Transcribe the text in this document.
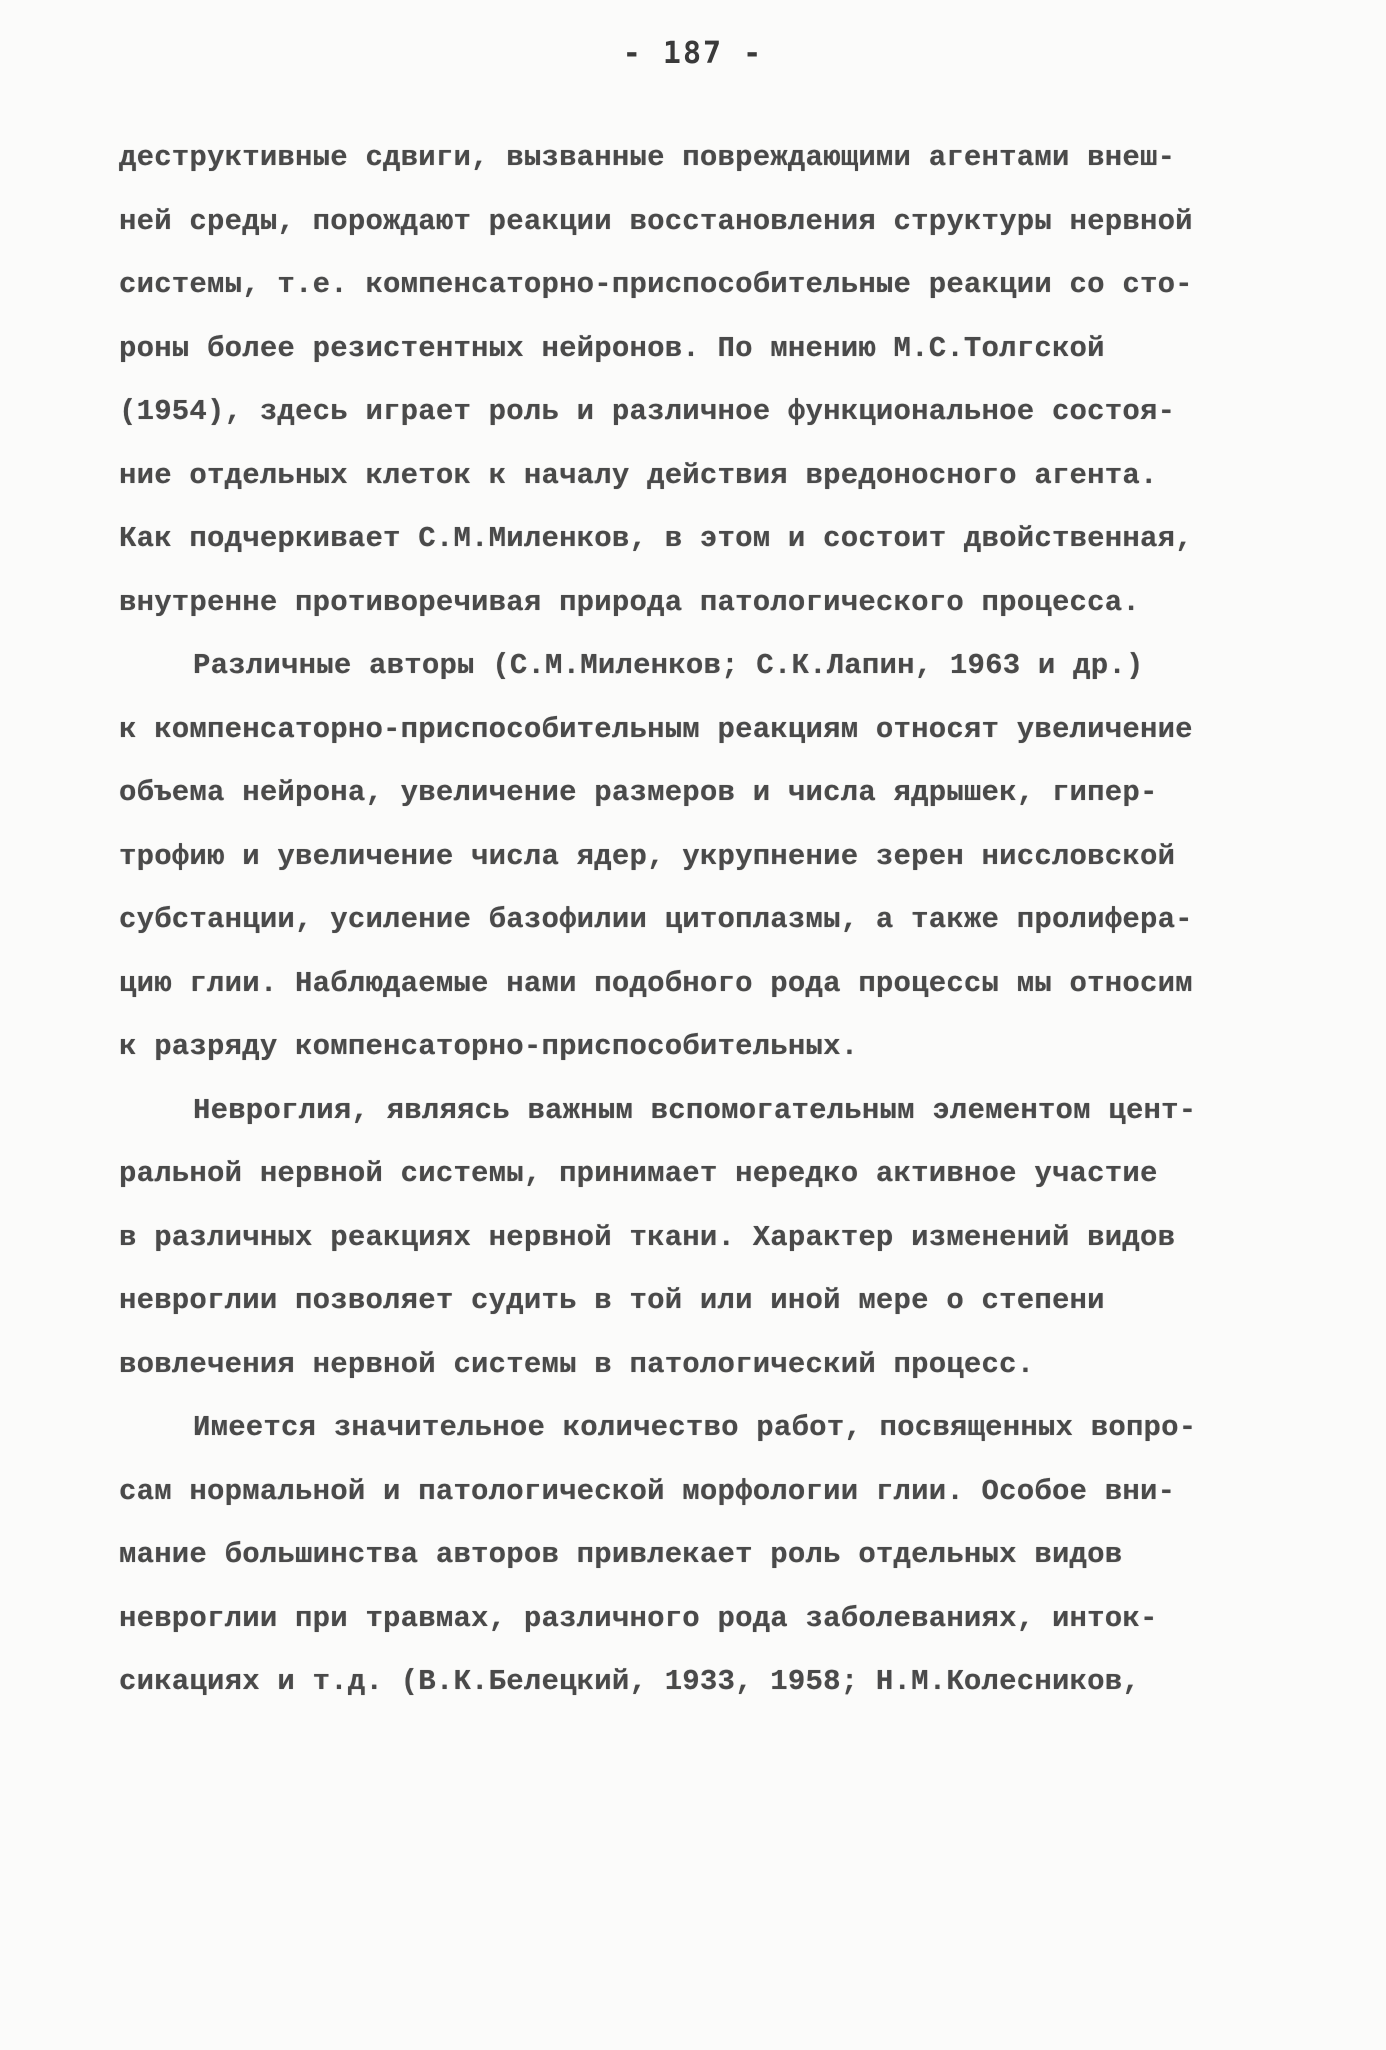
- 187 -
деструктивные сдвиги, вызванные повреждающими агентами внеш-
ней среды, порождают реакции восстановления структуры нервной
системы, т.е. компенсаторно-приспособительные реакции со сто-
роны более резистентных нейронов. По мнению М.С.Толгской
(1954), здесь играет роль и различное функциональное состоя-
ние отдельных клеток к началу действия вредоносного агента.
Как подчеркивает С.М.Миленков, в этом и состоит двойственная,
внутренне противоречивая природа патологического процесса.
Различные авторы (С.М.Миленков; С.К.Лапин, 1963 и др.)
к компенсаторно-приспособительным реакциям относят увеличение
объема нейрона, увеличение размеров и числа ядрышек, гипер-
трофию и увеличение числа ядер, укрупнение зерен ниссловской
субстанции, усиление базофилии цитоплазмы, а также пролифера-
цию глии. Наблюдаемые нами подобного рода процессы мы относим
к разряду компенсаторно-приспособительных.
Невроглия, являясь важным вспомогательным элементом цент-
ральной нервной системы, принимает нередко активное участие
в различных реакциях нервной ткани. Характер изменений видов
невроглии позволяет судить в той или иной мере о степени
вовлечения нервной системы в патологический процесс.
Имеется значительное количество работ, посвященных вопро-
сам нормальной и патологической морфологии глии. Особое вни-
мание большинства авторов привлекает роль отдельных видов
невроглии при травмах, различного рода заболеваниях, инток-
сикациях и т.д. (В.К.Белецкий, 1933, 1958; Н.М.Колесников,
